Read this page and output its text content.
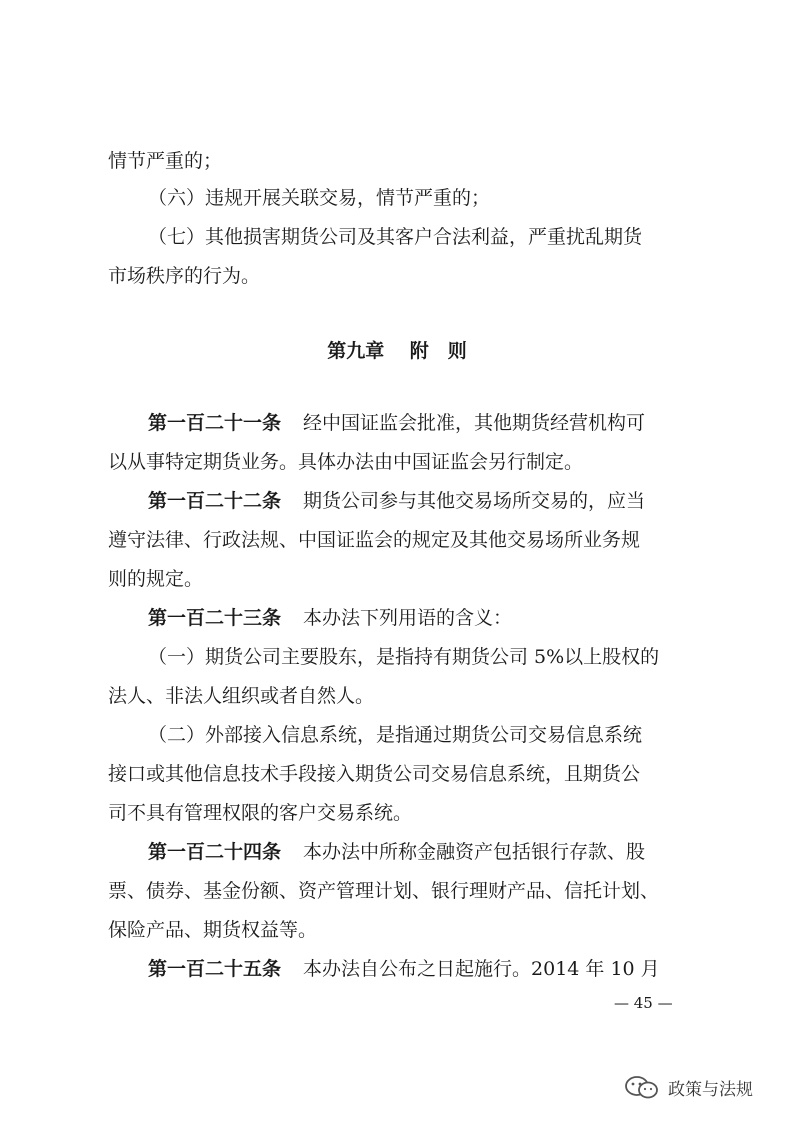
情节严重的；
（六）违规开展关联交易，情节严重的；
（七）其他损害期货公司及其客户合法利益，严重扰乱期货
市场秩序的行为。
第九章　 附　则
第一百二十一条 经中国证监会批准，其他期货经营机构可
以从事特定期货业务。具体办法由中国证监会另行制定。
第一百二十二条 期货公司参与其他交易场所交易的，应当
遵守法律、行政法规、中国证监会的规定及其他交易场所业务规
则的规定。
第一百二十三条 本办法下列用语的含义：
（一）期货公司主要股东，是指持有期货公司 5%以上股权的
法人、非法人组织或者自然人。
（二）外部接入信息系统，是指通过期货公司交易信息系统
接口或其他信息技术手段接入期货公司交易信息系统，且期货公
司不具有管理权限的客户交易系统。
第一百二十四条 本办法中所称金融资产包括银行存款、股
票、债券、基金份额、资产管理计划、银行理财产品、信托计划、
保险产品、期货权益等。
第一百二十五条 本办法自公布之日起施行。2014 年 10 月
— 45 —
政策与法规
